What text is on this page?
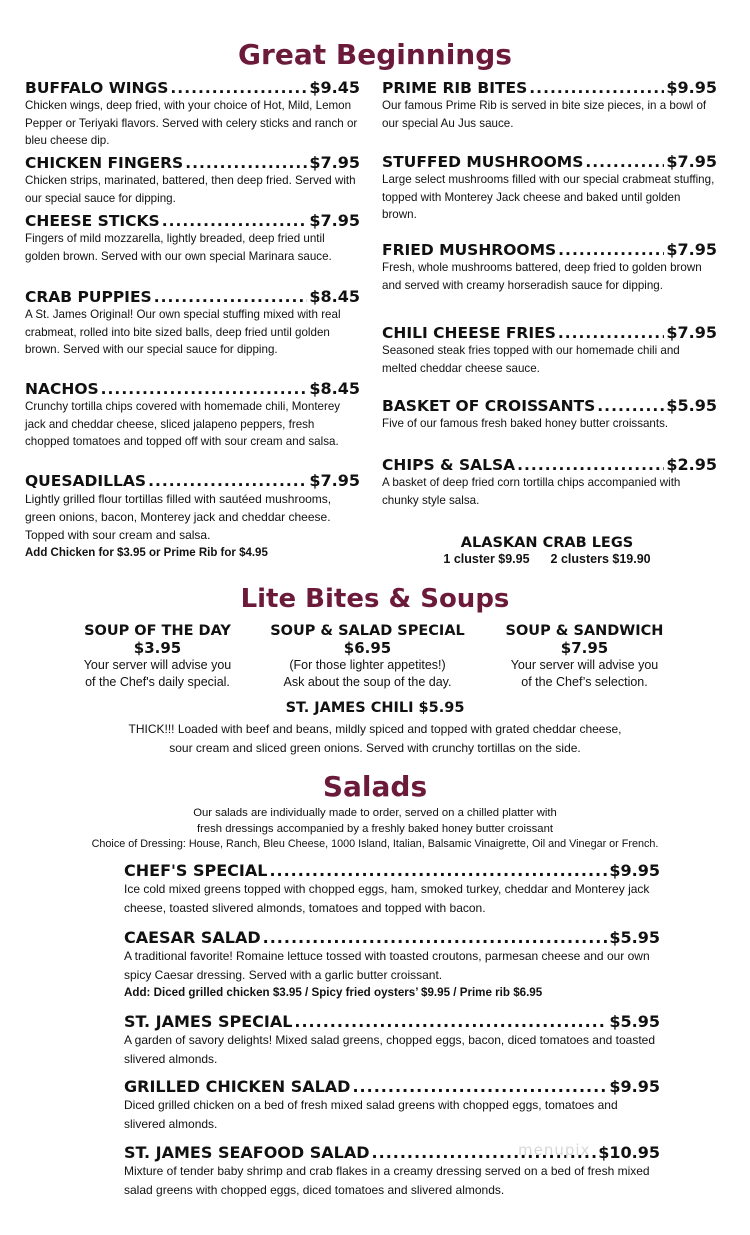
Great Beginnings
BUFFALO WINGS .....	$9.45
Chicken wings, deep fried, with your choice of Hot, Mild, Lemon Pepper or Teriyaki flavors. Served with celery sticks and ranch or bleu cheese dip.
CHICKEN FINGERS .....	$7.95
Chicken strips, marinated, battered, then deep fried. Served with our special sauce for dipping.
CHEESE STICKS .....	$7.95
Fingers of mild mozzarella, lightly breaded, deep fried until golden brown. Served with our own special Marinara sauce.
CRAB PUPPIES .....	$8.45
A St. James Original! Our own special stuffing mixed with real crabmeat, rolled into bite sized balls, deep fried until golden brown. Served with our special sauce for dipping.
NACHOS .....	$8.45
Crunchy tortilla chips covered with homemade chili, Monterey jack and cheddar cheese, sliced jalapeno peppers, fresh chopped tomatoes and topped off with sour cream and salsa.
QUESADILLAS .....	$7.95
Lightly grilled flour tortillas filled with sautéed mushrooms, green onions, bacon, Monterey jack and cheddar cheese. Topped with sour cream and salsa.
Add Chicken for $3.95 or Prime Rib for $4.95
PRIME RIB BITES .....	$9.95
Our famous Prime Rib is served in bite size pieces, in a bowl of our special Au Jus sauce.
STUFFED MUSHROOMS .....	$7.95
Large select mushrooms filled with our special crabmeat stuffing, topped with Monterey Jack cheese and baked until golden brown.
FRIED MUSHROOMS .....	$7.95
Fresh, whole mushrooms battered, deep fried to golden brown and served with creamy horseradish sauce for dipping.
CHILI CHEESE FRIES .....	$7.95
Seasoned steak fries topped with our homemade chili and melted cheddar cheese sauce.
BASKET OF CROISSANTS .....	$5.95
Five of our famous fresh baked honey butter croissants.
CHIPS & SALSA .....	$2.95
A basket of deep fried corn tortilla chips accompanied with chunky style salsa.
ALASKAN CRAB LEGS
1 cluster $9.95 2 clusters $19.90
Lite Bites & Soups
SOUP OF THE DAY
$3.95
Your server will advise you
of the Chef's daily special.
SOUP & SALAD SPECIAL
$6.95
(For those lighter appetites!)
Ask about the soup of the day.
SOUP & SANDWICH
$7.95
Your server will advise you
of the Chef’s selection.
ST. JAMES CHILI $5.95
THICK!!! Loaded with beef and beans, mildly spiced and topped with grated cheddar cheese,
sour cream and sliced green onions. Served with crunchy tortillas on the side.
Salads
Our salads are individually made to order, served on a chilled platter with
fresh dressings accompanied by a freshly baked honey butter croissant
Choice of Dressing: House, Ranch, Bleu Cheese, 1000 Island, Italian, Balsamic Vinaigrette, Oil and Vinegar or French.
CHEF'S SPECIAL .....	$9.95
Ice cold mixed greens topped with chopped eggs, ham, smoked turkey, cheddar and Monterey jack cheese, toasted slivered almonds, tomatoes and topped with bacon.
CAESAR SALAD .....	$5.95
A traditional favorite! Romaine lettuce tossed with toasted croutons, parmesan cheese and our own spicy Caesar dressing. Served with a garlic butter croissant.
Add: Diced grilled chicken $3.95 / Spicy fried oysters’ $9.95 / Prime rib $6.95
ST. JAMES SPECIAL .....	$5.95
A garden of savory delights! Mixed salad greens, chopped eggs, bacon, diced tomatoes and toasted slivered almonds.
GRILLED CHICKEN SALAD .....	$9.95
Diced grilled chicken on a bed of fresh mixed salad greens with chopped eggs, tomatoes and slivered almonds.
ST. JAMES SEAFOOD SALAD .....	$10.95
Mixture of tender baby shrimp and crab flakes in a creamy dressing served on a bed of fresh mixed salad greens with chopped eggs, diced tomatoes and slivered almonds.
menupix
